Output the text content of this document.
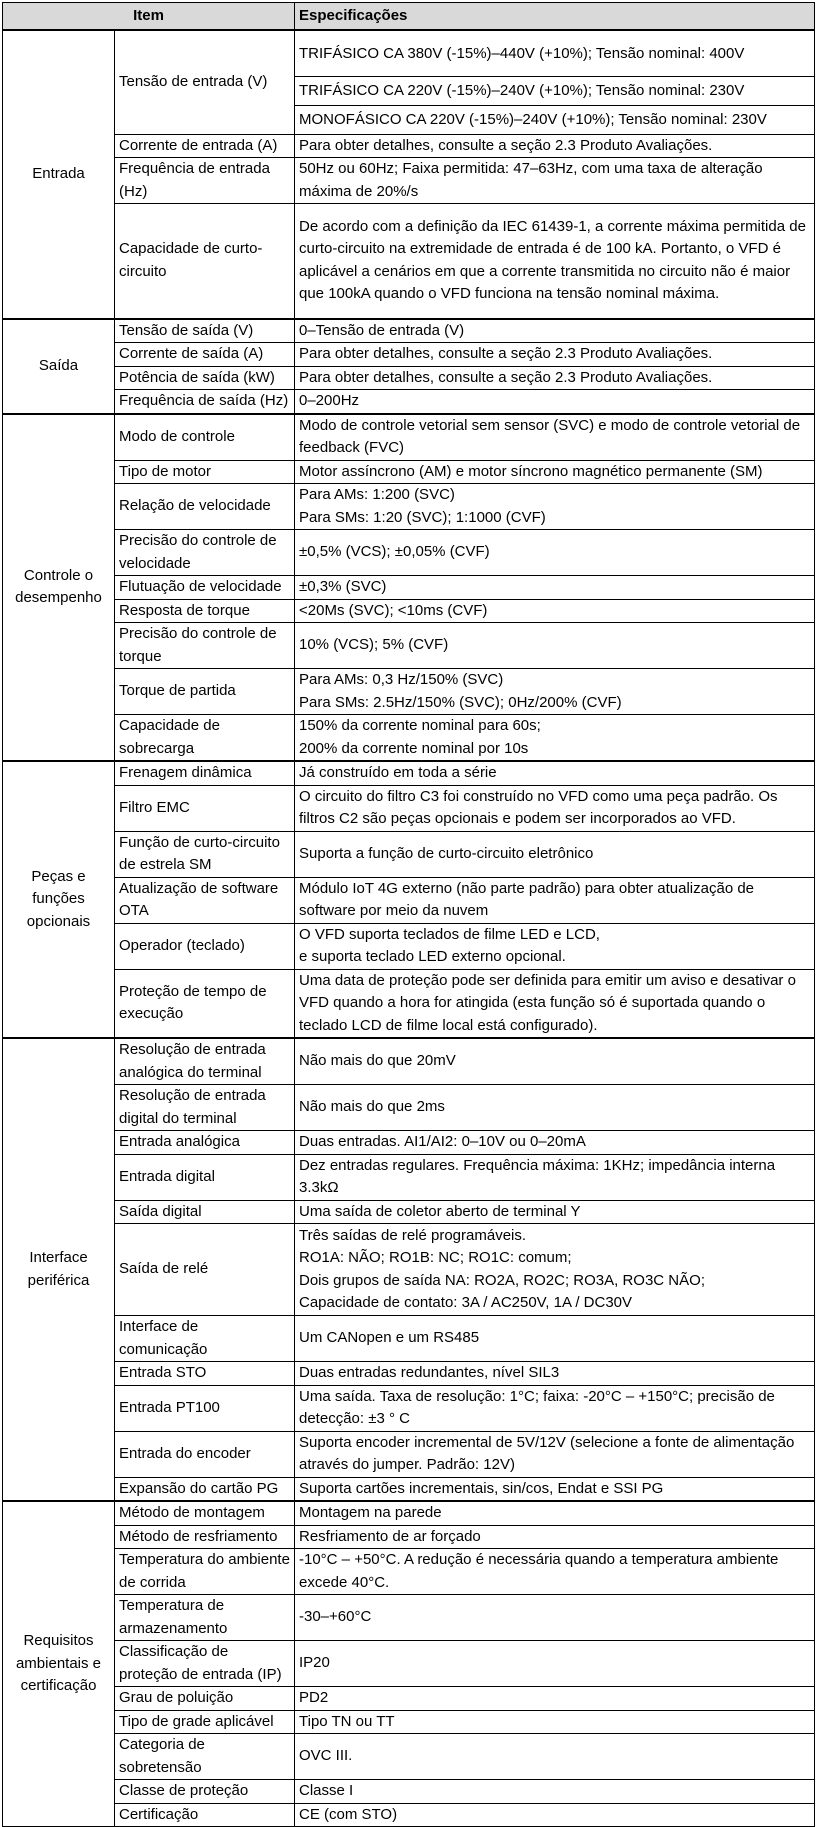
Item		Especificações
Entrada	Tensão de entrada (V)	TRIFÁSICO CA 380V (-15%)–440V (+10%); Tensão nominal: 400V
TRIFÁSICO CA 220V (-15%)–240V (+10%); Tensão nominal: 230V
MONOFÁSICO CA 220V (-15%)–240V (+10%); Tensão nominal: 230V

	Corrente de entrada (A)	Para obter detalhes, consulte a seção 2.3 Produto Avaliações.

	Frequência de entrada (Hz)	50Hz ou 60Hz; Faixa permitida: 47–63Hz, com uma taxa de alteração máxima de 20%/s

	Capacidade de curto-circuito	De acordo com a definição da IEC 61439-1, a corrente máxima permitida de curto-circuito na extremidade de entrada é de 100 kA. Portanto, o VFD é aplicável a cenários em que a corrente transmitida no circuito não é maior que 100kA quando o VFD funciona na tensão nominal máxima.

Saída	Tensão de saída (V)	0–Tensão de entrada (V)

	Corrente de saída (A)	Para obter detalhes, consulte a seção 2.3 Produto Avaliações.

	Potência de saída (kW)	Para obter detalhes, consulte a seção 2.3 Produto Avaliações.

	Frequência de saída (Hz)	0–200Hz

Controle o desempenho	Modo de controle	Modo de controle vetorial sem sensor (SVC) e modo de controle vetorial de feedback (FVC)

	Tipo de motor	Motor assíncrono (AM) e motor síncrono magnético permanente (SM)

	Relação de velocidade	Para AMs: 1:200 (SVC)
Para SMs: 1:20 (SVC); 1:1000 (CVF)

	Precisão do controle de velocidade	±0,5% (VCS); ±0,05% (CVF)

	Flutuação de velocidade	±0,3% (SVC)

	Resposta de torque	<20Ms (SVC); <10ms (CVF)

	Precisão do controle de torque	10% (VCS); 5% (CVF)

	Torque de partida	Para AMs: 0,3 Hz/150% (SVC)
Para SMs: 2.5Hz/150% (SVC); 0Hz/200% (CVF)

	Capacidade de sobrecarga	150% da corrente nominal para 60s;
200% da corrente nominal por 10s

Peças e funções opcionais	Frenagem dinâmica	Já construído em toda a série

	Filtro EMC	O circuito do filtro C3 foi construído no VFD como uma peça padrão. Os filtros C2 são peças opcionais e podem ser incorporados ao VFD.

	Função de curto-circuito de estrela SM	Suporta a função de curto-circuito eletrônico

	Atualização de software OTA	Módulo IoT 4G externo (não parte padrão) para obter atualização de software por meio da nuvem

	Operador (teclado)	O VFD suporta teclados de filme LED e LCD,
e suporta teclado LED externo opcional.

	Proteção de tempo de execução	Uma data de proteção pode ser definida para emitir um aviso e desativar o VFD quando a hora for atingida (esta função só é suportada quando o teclado LCD de filme local está configurado).

Interface periférica	Resolução de entrada analógica do terminal	Não mais do que 20mV

	Resolução de entrada digital do terminal	Não mais do que 2ms

	Entrada analógica	Duas entradas. AI1/AI2: 0–10V ou 0–20mA

	Entrada digital	Dez entradas regulares. Frequência máxima: 1KHz; impedância interna 3.3kΩ

	Saída digital	Uma saída de coletor aberto de terminal Y

	Saída de relé	Três saídas de relé programáveis.
RO1A: NÃO; RO1B: NC; RO1C: comum;
Dois grupos de saída NA: RO2A, RO2C; RO3A, RO3C NÃO;
Capacidade de contato: 3A / AC250V, 1A / DC30V

	Interface de comunicação	Um CANopen e um RS485

	Entrada STO	Duas entradas redundantes, nível SIL3

	Entrada PT100	Uma saída. Taxa de resolução: 1°C; faixa: -20°C – +150°C; precisão de detecção: ±3 ° C

	Entrada do encoder	Suporta encoder incremental de 5V/12V (selecione a fonte de alimentação através do jumper. Padrão: 12V)

	Expansão do cartão PG	Suporta cartões incrementais, sin/cos, Endat e SSI PG

Requisitos ambientais e certificação	Método de montagem	Montagem na parede

	Método de resfriamento	Resfriamento de ar forçado

	Temperatura do ambiente de corrida	-10°C – +50°C. A redução é necessária quando a temperatura ambiente excede 40°C.

	Temperatura de armazenamento	-30–+60°C

	Classificação de proteção de entrada (IP)	IP20

	Grau de poluição	PD2

	Tipo de grade aplicável	Tipo TN ou TT

	Categoria de sobretensão	OVC III.

	Classe de proteção	Classe I

	Certificação	CE (com STO)
